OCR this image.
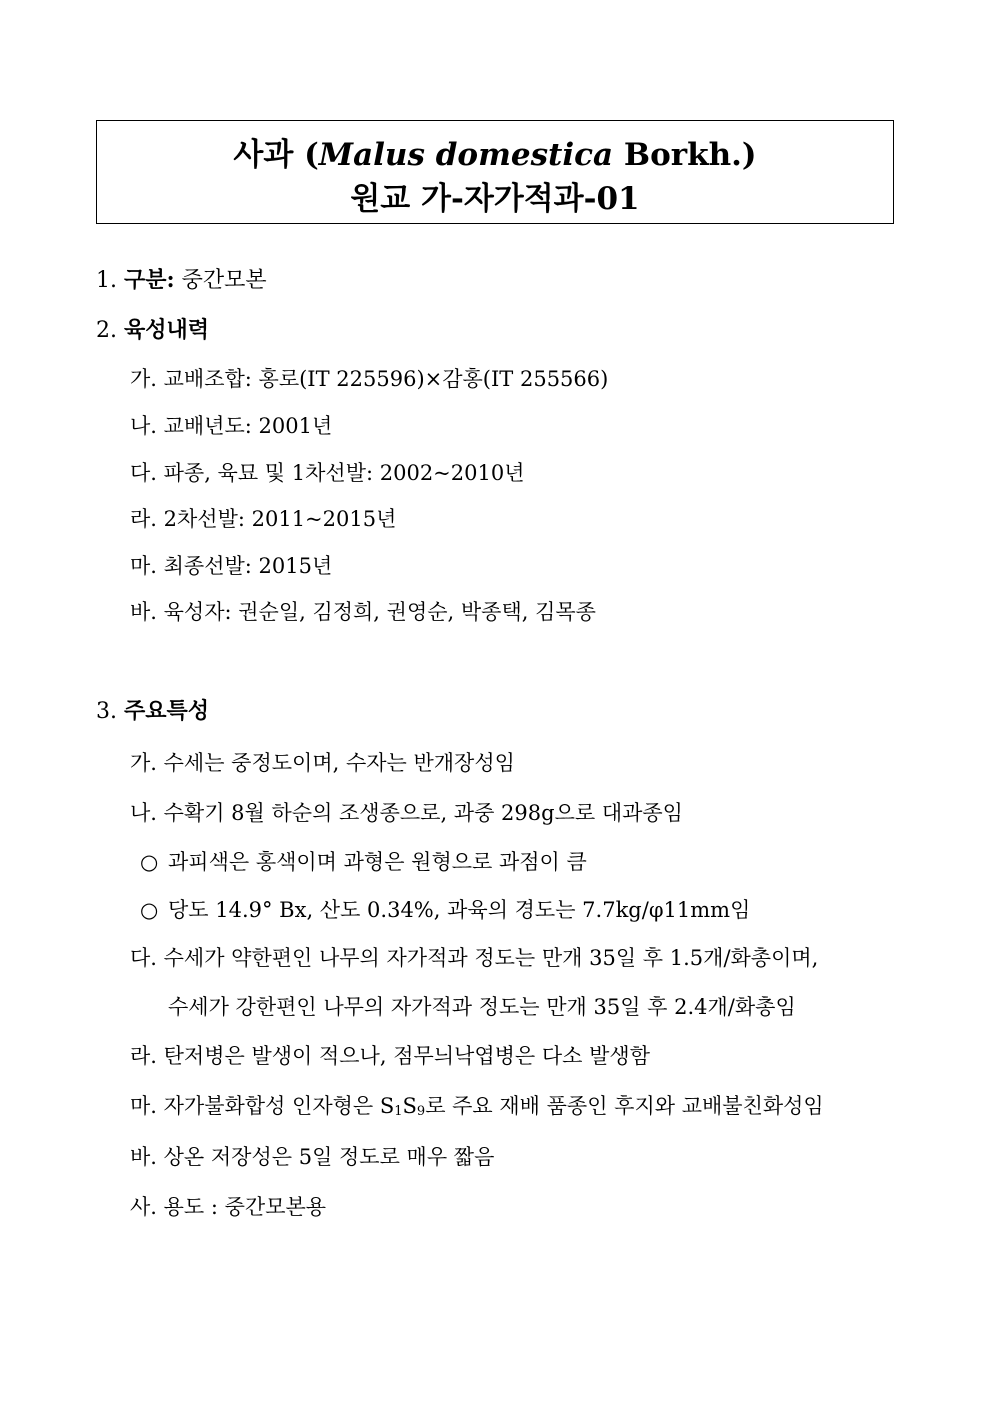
사과 (Malus domestica Borkh.)
원교 가-자가적과-01
1. 구분: 중간모본
2. 육성내력
가. 교배조합: 홍로(IT 225596)×감홍(IT 255566)
나. 교배년도: 2001년
다. 파종, 육묘 및 1차선발: 2002~2010년
라. 2차선발: 2011~2015년
마. 최종선발: 2015년
바. 육성자: 권순일, 김정희, 권영순, 박종택, 김목종
3. 주요특성
가. 수세는 중정도이며, 수자는 반개장성임
나. 수확기 8월 하순의 조생종으로, 과중 298g으로 대과종임
○ 과피색은 홍색이며 과형은 원형으로 과점이 큼
○ 당도 14.9° Bx, 산도 0.34%, 과육의 경도는 7.7kg/φ11mm임
다. 수세가 약한편인 나무의 자가적과 정도는 만개 35일 후 1.5개/화총이며,
수세가 강한편인 나무의 자가적과 정도는 만개 35일 후 2.4개/화총임
라. 탄저병은 발생이 적으나, 점무늬낙엽병은 다소 발생함
마. 자가불화합성 인자형은 $S_1S_9$로 주요 재배 품종인 후지와 교배불친화성임
바. 상온 저장성은 5일 정도로 매우 짧음
사. 용도 : 중간모본용
